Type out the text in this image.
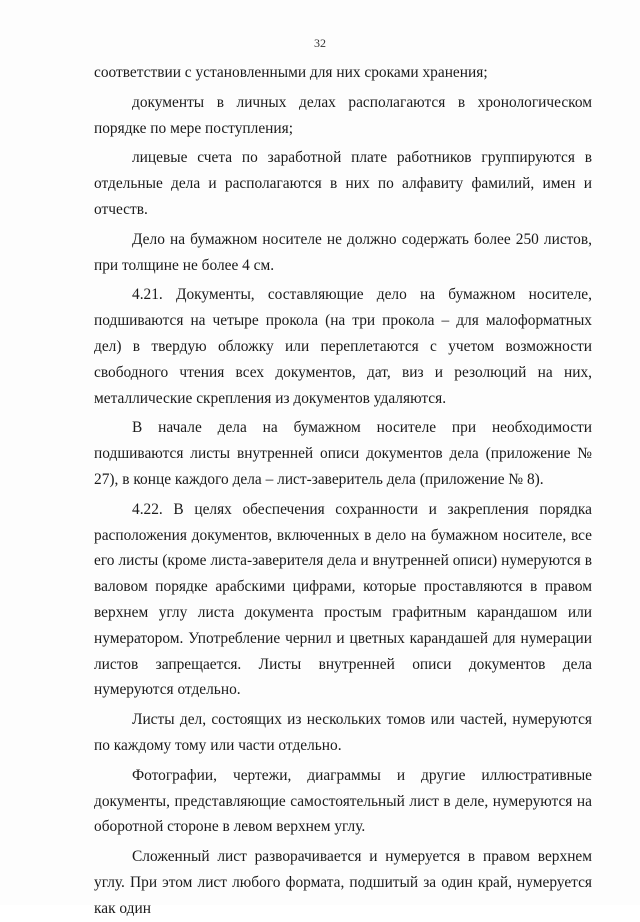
32

соответствии с установленными для них сроками хранения;

документы в личных делах располагаются в хронологическом порядке по мере поступления;

лицевые счета по заработной плате работников группируются в отдельные дела и располагаются в них по алфавиту фамилий, имен и отчеств.

Дело на бумажном носителе не должно содержать более 250 листов, при толщине не более 4 см.

4.21. Документы, составляющие дело на бумажном носителе, подшиваются на четыре прокола (на три прокола – для малоформатных дел) в твердую обложку или переплетаются с учетом возможности свободного чтения всех документов, дат, виз и резолюций на них, металлические скрепления из документов удаляются.

В начале дела на бумажном носителе при необходимости подшиваются листы внутренней описи документов дела (приложение № 27), в конце каждого дела – лист-заверитель дела (приложение № 8).

4.22. В целях обеспечения сохранности и закрепления порядка расположения документов, включенных в дело на бумажном носителе, все его листы (кроме листа-заверителя дела и внутренней описи) нумеруются в валовом порядке арабскими цифрами, которые проставляются в правом верхнем углу листа документа простым графитным карандашом или нумератором. Употребление чернил и цветных карандашей для нумерации листов запрещается. Листы внутренней описи документов дела нумеруются отдельно.

Листы дел, состоящих из нескольких томов или частей, нумеруются по каждому тому или части отдельно.

Фотографии, чертежи, диаграммы и другие иллюстративные документы, представляющие самостоятельный лист в деле, нумеруются на оборотной стороне в левом верхнем углу.

Сложенный лист разворачивается и нумеруется в правом верхнем углу. При этом лист любого формата, подшитый за один край, нумеруется как один
